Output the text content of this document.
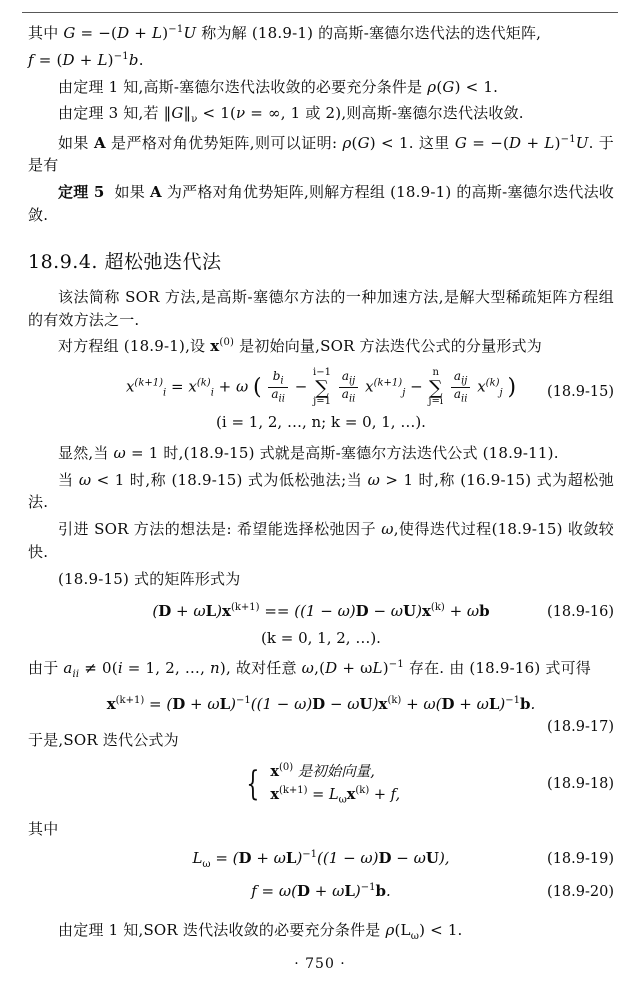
其中 $G = -(D + L)^{-1}U$ 称为解 (18.9-1) 的高斯-塞德尔迭代法的迭代矩阵,

$f = (D + L)^{-1}b$.

由定理 1 知,高斯-塞德尔迭代法收敛的必要充分条件是 ρ(G) < 1.

由定理 3 知,若 $‖G‖_\nu < 1(\nu$ = ∞, 1 或 2),则高斯-塞德尔迭代法收敛.

如果 A 是严格对角优势矩阵,则可以证明: ρ(G) < 1. 这里 $G = -(D + L)^{-1}U$. 于是有

定理 5  如果 A 为严格对角优势矩阵,则解方程组 (18.9-1) 的高斯-塞德尔迭代法收敛.

18.9.4. 超松弛迭代法

该法简称 SOR 方法,是高斯-塞德尔方法的一种加速方法,是解大型稀疏矩阵方程组的有效方法之一.

对方程组 (18.9-1),设 $x^{(0)}$ 是初始向量,SOR 方法迭代公式的分量形式为

$x^{(k+1)}_i = x^{(k)}_i + \omega$ ( $\frac{b_i}{a_{ii}} - i-1$
∑
$j=1 \frac{a_{ij}}{a_{ii}} x^{(k+1)}_j - n$
∑
$j=i \frac{a_{ij}}{a_{ii}} x^{(k)}_j$ )	(18.9-15)
(i = 1, 2, …, n; k = 0, 1, …).

显然,当 ω = 1 时,(18.9-15) 式就是高斯-塞德尔方法迭代公式 (18.9-11).

当 ω < 1 时,称 (18.9-15) 式为低松弛法;当 ω > 1 时,称 (16.9-15) 式为超松弛法.

引进 SOR 方法的想法是: 希望能选择松弛因子 ω,使得迭代过程(18.9-15) 收敛较快.

(18.9-15) 式的矩阵形式为

$(D + \omega L)x^{(k+1)} == ((1 - \omega)D - \omega U)x^{(k)} + \omega b$	(18.9-16)
(k = 0, 1, 2, …).

由于 $a_{ii} \ne 0(i = 1$, 2, …, n), 故对任意 $\omega,(D + \omega L)^{-1}$ 存在. 由 (18.9-16) 式可得

$x^{(k+1)} = (D + \omega L)^{-1}((1 - \omega)D - \omega U)x^{(k)} + \omega(D + \omega L)^{-1}b$.
(18.9-17)

于是,SOR 迭代公式为

{ $x^{(0)}$ 是初始向量,
$x^{(k+1)} = L_\omega x^{(k)} + f$,
(18.9-18)

其中

$L_\omega = (D + \omega L)^{-1}((1 - \omega)D - \omega U)$,	(18.9-19)
$f = \omega(D + \omega L)^{-1}b$.	(18.9-20)

由定理 1 知,SOR 迭代法收敛的必要充分条件是 $\rho(L_\omega) < 1$.

· 750 ·
